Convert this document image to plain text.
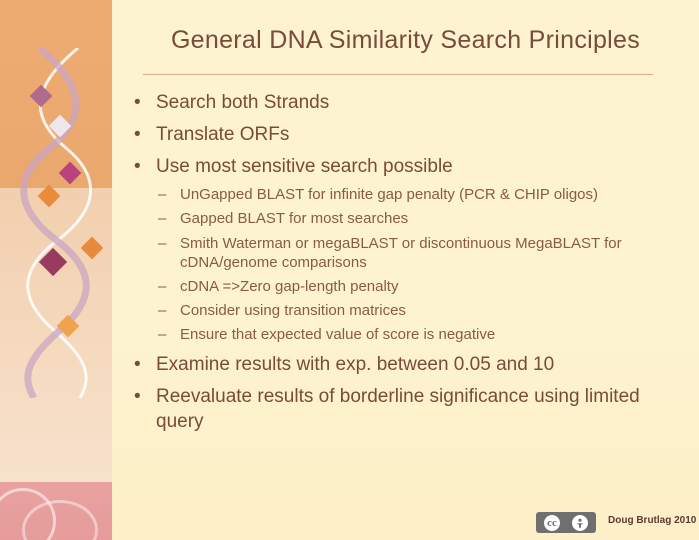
General DNA Similarity Search Principles
• Search both Strands
• Translate ORFs
• Use most sensitive search possible
– UnGapped BLAST for infinite gap penalty (PCR & CHIP oligos)
– Gapped BLAST for most searches
– Smith Waterman or megaBLAST or discontinuous MegaBLAST for cDNA/genome comparisons
– cDNA =>Zero gap-length penalty
– Consider using transition matrices
– Ensure that expected value of score is negative
• Examine results with exp. between 0.05 and 10
• Reevaluate results of borderline significance using limited query
cc	Doug Brutlag 2010
